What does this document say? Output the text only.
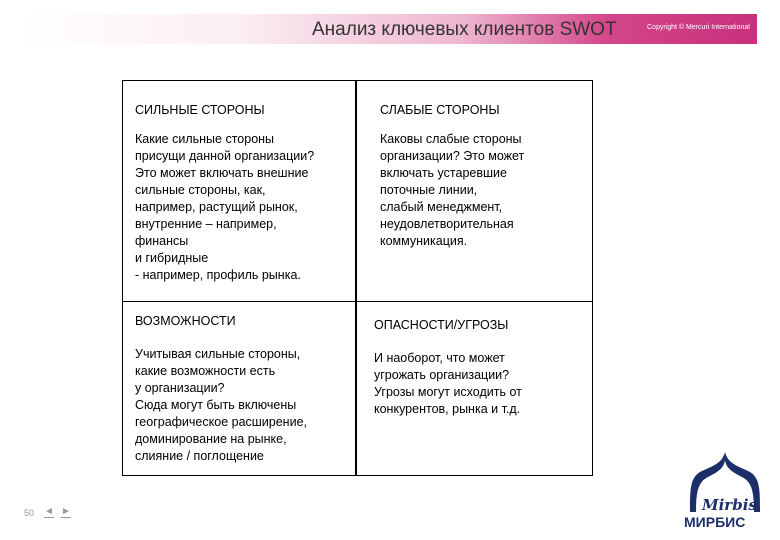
Анализ ключевых клиентов SWOT	Copyright © Mercuri International
СИЛЬНЫЕ СТОРОНЫ
Какие сильные стороны
присущи данной организации?
Это может включать внешние
сильные стороны, как,
например, растущий рынок,
внутренние – например,
финансы
и гибридные
- например, профиль рынка.
СЛАБЫЕ СТОРОНЫ
Каковы слабые стороны
организации? Это может
включать устаревшие
поточные линии,
слабый менеджмент,
неудовлетворительная
коммуникация.
ВОЗМОЖНОСТИ
Учитывая сильные стороны,
какие возможности есть
у организации?
Сюда могут быть включены
географическое расширение,
доминирование на рынке,
слияние / поглощение
ОПАСНОСТИ/УГРОЗЫ
И наоборот, что может
угрожать организации?
Угрозы могут исходить от
конкурентов, рынка и т.д.
50 ◄ ►	Mirbis
МИРБИС
